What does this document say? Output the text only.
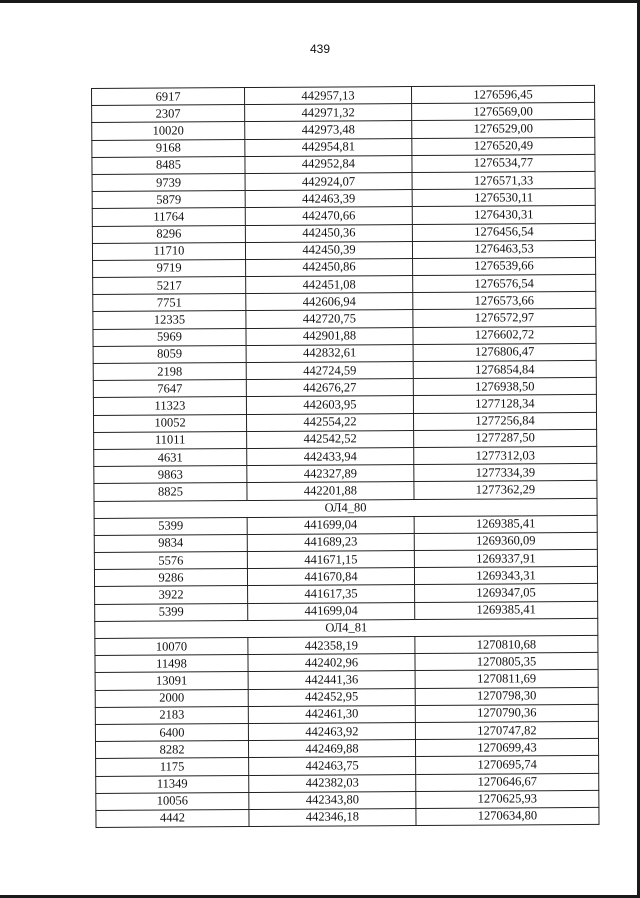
439
6917	442957,13	1276596,45
2307	442971,32	1276569,00
10020	442973,48	1276529,00
9168	442954,81	1276520,49
8485	442952,84	1276534,77
9739	442924,07	1276571,33
5879	442463,39	1276530,11
11764	442470,66	1276430,31
8296	442450,36	1276456,54
11710	442450,39	1276463,53
9719	442450,86	1276539,66
5217	442451,08	1276576,54
7751	442606,94	1276573,66
12335	442720,75	1276572,97
5969	442901,88	1276602,72
8059	442832,61	1276806,47
2198	442724,59	1276854,84
7647	442676,27	1276938,50
11323	442603,95	1277128,34
10052	442554,22	1277256,84
11011	442542,52	1277287,50
4631	442433,94	1277312,03
9863	442327,89	1277334,39
8825	442201,88	1277362,29
ОЛ4_80		
5399	441699,04	1269385,41
9834	441689,23	1269360,09
5576	441671,15	1269337,91
9286	441670,84	1269343,31
3922	441617,35	1269347,05
5399	441699,04	1269385,41
ОЛ4_81		
10070	442358,19	1270810,68
11498	442402,96	1270805,35
13091	442441,36	1270811,69
2000	442452,95	1270798,30
2183	442461,30	1270790,36
6400	442463,92	1270747,82
8282	442469,88	1270699,43
1175	442463,75	1270695,74
11349	442382,03	1270646,67
10056	442343,80	1270625,93
4442	442346,18	1270634,80
